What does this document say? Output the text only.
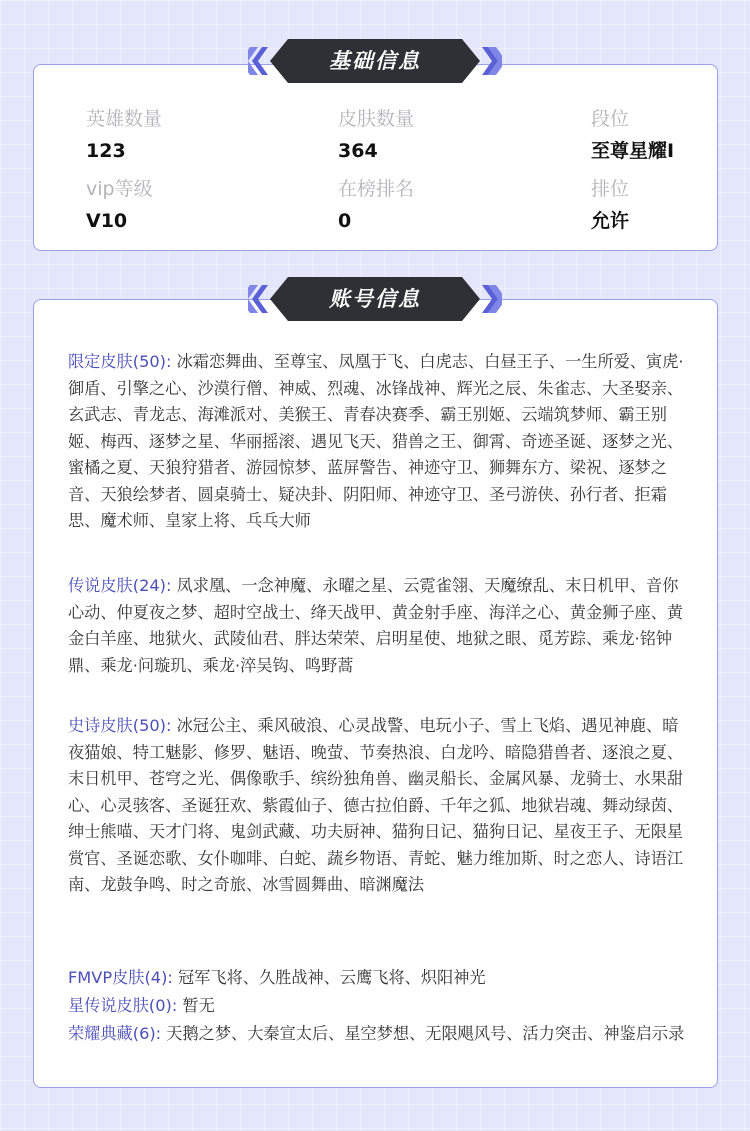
英雄数量
123
皮肤数量
364
段位
至尊星耀I
vip等级
V10
在榜排名
0
排位
允许
基础信息
账号信息
限定皮肤(50): 冰霜恋舞曲、至尊宝、凤凰于飞、白虎志、白昼王子、一生所爱、寅虎·御盾、引擎之心、沙漠行僧、神威、烈魂、冰锋战神、辉光之辰、朱雀志、大圣娶亲、玄武志、青龙志、海滩派对、美猴王、青春决赛季、霸王别姬、云端筑梦师、霸王别姬、梅西、逐梦之星、华丽摇滚、遇见飞天、猎兽之王、御霄、奇迹圣诞、逐梦之光、蜜橘之夏、天狼狩猎者、游园惊梦、蓝屏警告、神迹守卫、狮舞东方、梁祝、逐梦之音、天狼绘梦者、圆桌骑士、疑决卦、阴阳师、神迹守卫、圣弓游侠、孙行者、拒霜思、魔术师、皇家上将、乓乓大师
传说皮肤(24): 凤求凰、一念神魔、永曜之星、云霓雀翎、天魔缭乱、末日机甲、音你心动、仲夏夜之梦、超时空战士、绛天战甲、黄金射手座、海洋之心、黄金狮子座、黄金白羊座、地狱火、武陵仙君、胖达荣荣、启明星使、地狱之眼、觅芳踪、乘龙·铭钟鼎、乘龙·问璇玑、乘龙·淬吴钩、鸣野蒿
史诗皮肤(50): 冰冠公主、乘风破浪、心灵战警、电玩小子、雪上飞焰、遇见神鹿、暗夜猫娘、特工魅影、修罗、魅语、晚萤、节奏热浪、白龙吟、暗隐猎兽者、逐浪之夏、末日机甲、苍穹之光、偶像歌手、缤纷独角兽、幽灵船长、金属风暴、龙骑士、水果甜心、心灵骇客、圣诞狂欢、紫霞仙子、德古拉伯爵、千年之狐、地狱岩魂、舞动绿茵、绅士熊喵、天才门将、鬼剑武藏、功夫厨神、猫狗日记、猫狗日记、星夜王子、无限星赏官、圣诞恋歌、女仆咖啡、白蛇、蔬乡物语、青蛇、魅力维加斯、时之恋人、诗语江南、龙鼓争鸣、时之奇旅、冰雪圆舞曲、暗渊魔法
FMVP皮肤(4): 冠军飞将、久胜战神、云鹰飞将、炽阳神光
星传说皮肤(0): 暂无
荣耀典藏(6): 天鹅之梦、大秦宣太后、星空梦想、无限飓风号、活力突击、神鉴启示录
